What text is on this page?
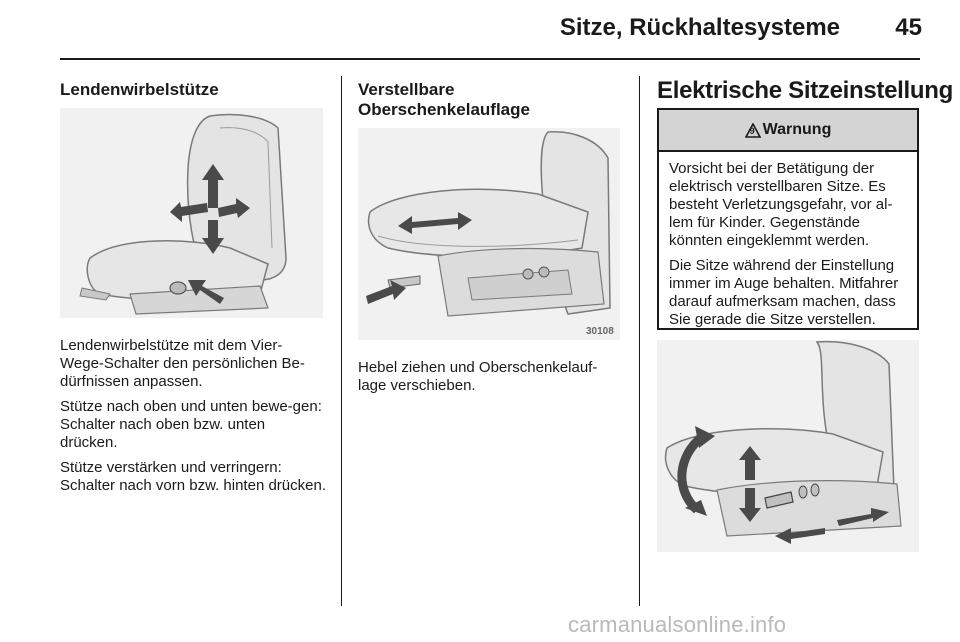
Sitze, Rückhaltesysteme	45
Lendenwirbelstütze

Lendenwirbelstütze mit dem Vier-Wege-Schalter den persönlichen Be-dürfnissen anpassen.

Stütze nach oben und unten bewe-gen: Schalter nach oben bzw. unten drücken.

Stütze verstärken und verringern: Schalter nach vorn bzw. hinten drücken.

Verstellbare
Oberschenkelauflage
30108

Hebel ziehen und Oberschenkelauf-lage verschieben.

Elektrische Sitzeinstellung
9 Warnung

Vorsicht bei der Betätigung der elektrisch verstellbaren Sitze. Es besteht Verletzungsgefahr, vor al-lem für Kinder. Gegenstände könnten eingeklemmt werden.

Die Sitze während der Einstellung immer im Auge behalten. Mitfahrer darauf aufmerksam machen, dass Sie gerade die Sitze verstellen.

carmanualsonline.info
